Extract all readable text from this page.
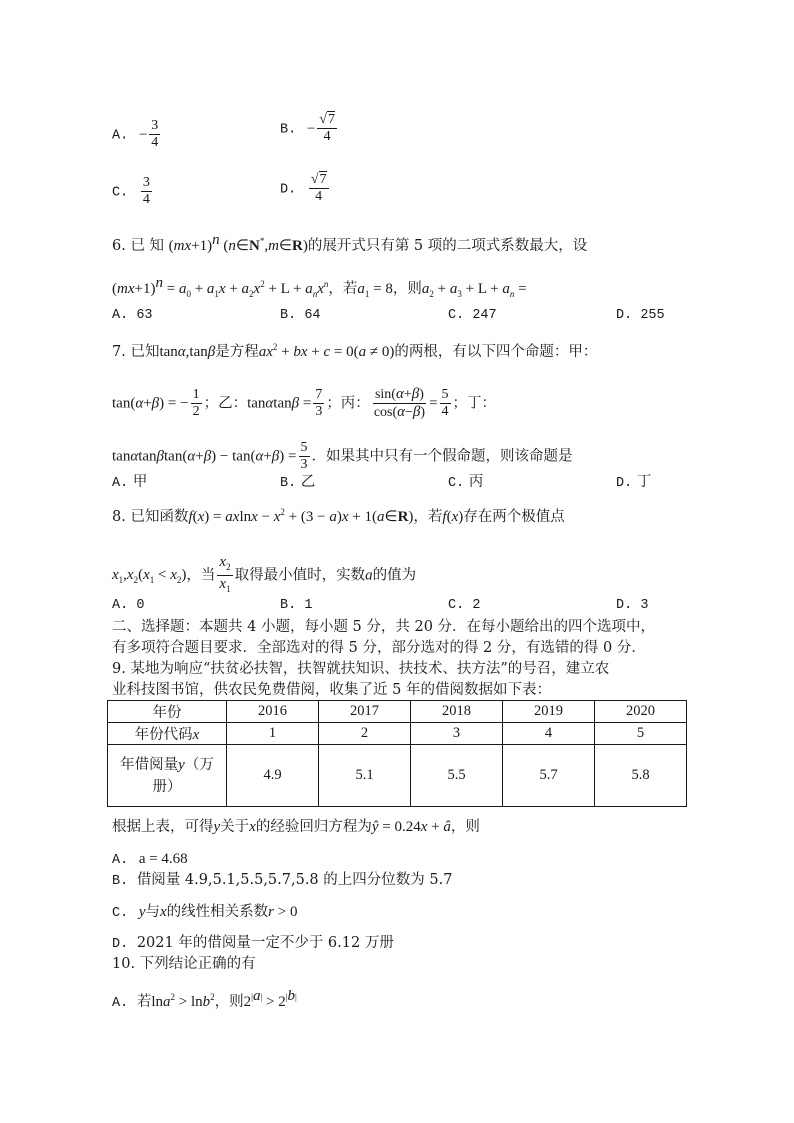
A. − $\frac{3}{4}$	B. − $\frac{√7}{4}$
C. $\frac{3}{4}$	D. $\frac{√7}{4}$
6. 已 知 $(mx+1)^n$ (n∈N*,m∈R)的展开式只有第 5 项的二项式系数最大，设
$(mx+1)^n = a_0 + a_1x + a_2x^2 + L + a_nx^n$，若$a_1 = 8$，则$a_2 + a_3 + L + a_n$ =
A. 63	B. 64	C. 247	D. 255
7. 已知tanα,tanβ是方程$ax^2$ + bx + c = 0(a ≠ 0)的两根，有以下四个命题：甲：
tan(α+β) = − $\frac{1}{2}$ ；乙：$\tan\alpha\tan\beta = \frac{7}{3}$ ；丙： $\frac{\sin(\alpha+\beta)}{\cos(\alpha-\beta)} = \frac{5}{4}$ ；丁：
$\tan\alpha\tan\beta\tan(\alpha+\beta) - \tan(\alpha+\beta) = \frac{5}{3}$ ．如果其中只有一个假命题，则该命题是
A. 甲	B. 乙	C. 丙	D. 丁
8. 已知函数$f(x) = axlnx - x^2 + (3 - a)x$ + 1(a∈R)，若f(x)存在两个极值点
$x_1,x_2(x_1 < x_2)$，当 $\frac{x_2}{x_1}$ 取得最小值时，实数a的值为
A. 0	B. 1	C. 2	D. 3
二、选择题：本题共 4 小题，每小题 5 分，共 20 分．在每小题给出的四个选项中，
有多项符合题目要求．全部选对的得 5 分，部分选对的得 2 分，有选错的得 0 分．
9. 某地为响应“扶贫必扶智，扶智就扶知识、扶技术、扶方法”的号召，建立农
业科技图书馆，供农民免费借阅，收集了近 5 年的借阅数据如下表：
年份	2016	2017	2018	2019	2020
年份代码x	1	2	3	4	5
年借阅量y（万
册）	4.9	5.1	5.5	5.7	5.8
根据上表，可得y关于x的经验回归方程为ŷ = 0.24x + â，则
A. a = 4.68
B. 借阅量 4.9,5.1,5.5,5.7,5.8 的上四分位数为 5.7
C. y与x的线性相关系数r > 0
D. 2021 年的借阅量一定不少于 6.12 万册
10. 下列结论正确的有
A. 若lna$^2$ > lnb$^2$，则$2^{|a|} > 2^{|b|}$
